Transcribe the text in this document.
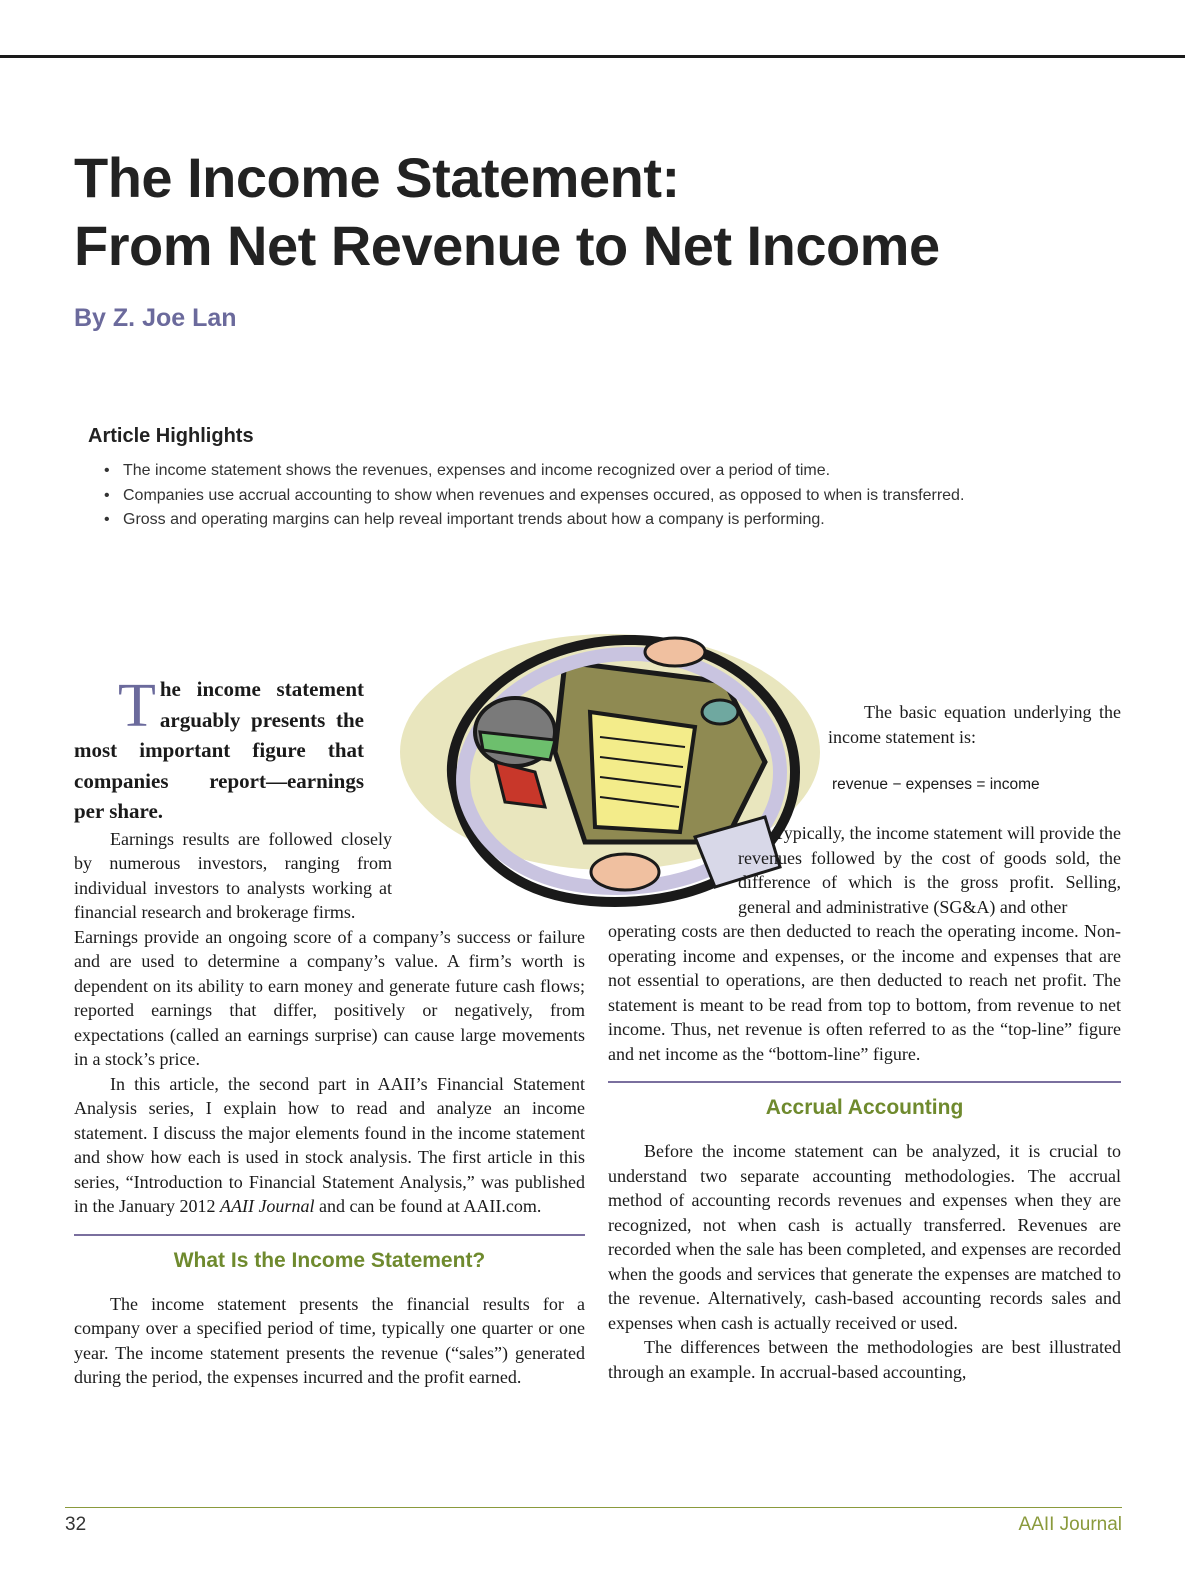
The Income Statement:
From Net Revenue to Net Income
By Z. Joe Lan
Article Highlights
• The income statement shows the revenues, expenses and income recognized over a period of time.
• Companies use accrual accounting to show when revenues and expenses occured, as opposed to when is transferred.
• Gross and operating margins can help reveal important trends about how a company is performing.

The income statement arguably presents the most important figure that companies report—earnings per share.

Earnings results are followed closely by numerous investors, ranging from individual investors to analysts working at financial research and brokerage firms.

Earnings provide an ongoing score of a company’s success or failure and are used to determine a company’s value. A firm’s worth is dependent on its ability to earn money and generate future cash flows; reported earnings that differ, positively or negatively, from expectations (called an earnings surprise) can cause large movements in a stock’s price.

In this article, the second part in AAII’s Financial Statement Analysis series, I explain how to read and analyze an income statement. I discuss the major elements found in the income statement and show how each is used in stock analysis. The first article in this series, “Introduction to Financial Statement Analysis,” was published in the January 2012 AAII Journal and can be found at AAII.com.

What Is the Income Statement?

The income statement presents the financial results for a company over a specified period of time, typically one quarter or one year. The income statement presents the revenue (“sales”) generated during the period, the expenses incurred and the profit earned.

The basic equation underlying the income statement is:

revenue − expenses = income

Typically, the income statement will provide the revenues followed by the cost of goods sold, the difference of which is the gross profit. Selling, general and administrative (SG&A) and other

operating costs are then deducted to reach the operating income. Non-operating income and expenses, or the income and expenses that are not essential to operations, are then deducted to reach net profit. The statement is meant to be read from top to bottom, from revenue to net income. Thus, net revenue is often referred to as the “top-line” figure and net income as the “bottom-line” figure.

Accrual Accounting

Before the income statement can be analyzed, it is crucial to understand two separate accounting methodologies. The accrual method of accounting records revenues and expenses when they are recognized, not when cash is actually transferred. Revenues are recorded when the sale has been completed, and expenses are recorded when the goods and services that generate the expenses are matched to the revenue. Alternatively, cash-based accounting records sales and expenses when cash is actually received or used.

The differences between the methodologies are best illustrated through an example. In accrual-based accounting,

32	AAII Journal
